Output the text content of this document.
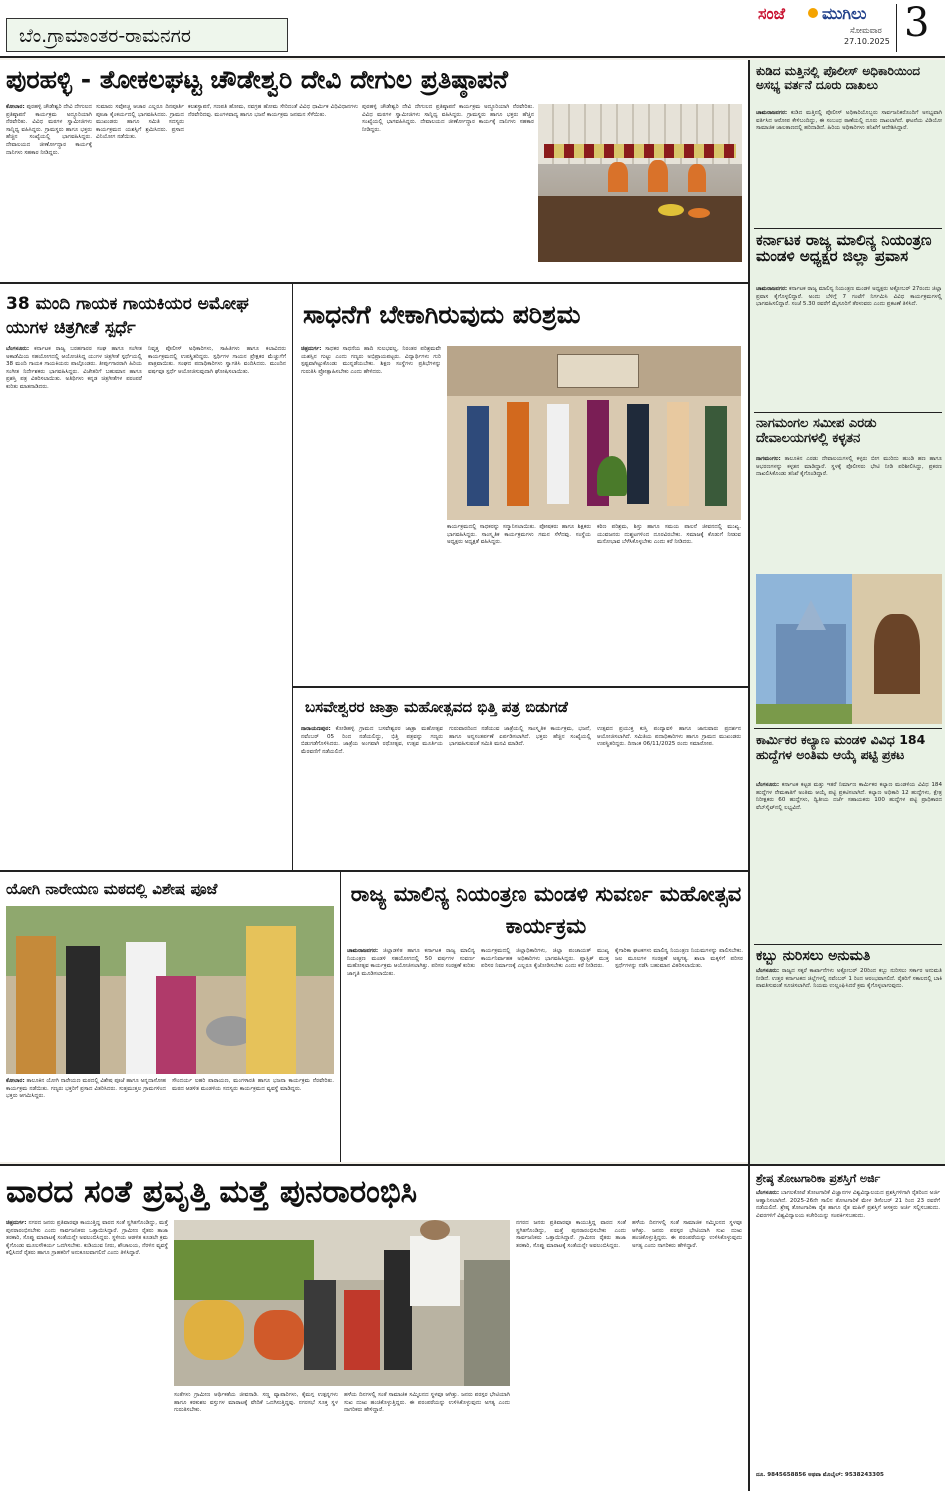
ಬೆಂ.ಗ್ರಾಮಾಂತರ-ರಾಮನಗರ
ಸಂಜೆ ಮುಗಿಲು
ಸೋಮವಾರ
27.10.2025 3
ಪುರಹಳ್ಳಿ - ತೋಕಲಘಟ್ಟ ಚೌಡೇಶ್ವರಿ ದೇವಿ ದೇಗುಲ ಪ್ರತಿಷ್ಠಾಪನೆ
ಕೋಲಾರ: ಪುರಹಳ್ಳಿ ಚೌಡೇಶ್ವರಿ ದೇವಿ ದೇಗುಲದ ಪ್ರತಿಷ್ಠಾಪನೆ ಕಾರ್ಯಕ್ರಮ ಅದ್ಧೂರಿಯಾಗಿ ನೆರವೇರಿತು. ವಿವಿಧ ಮಠಗಳ ಸ್ವಾಮೀಜಿಗಳು ಸಾನ್ನಿಧ್ಯ ವಹಿಸಿದ್ದರು. ಗ್ರಾಮಸ್ಥರು ಹಾಗೂ ಭಕ್ತರು ಹೆಚ್ಚಿನ ಸಂಖ್ಯೆಯಲ್ಲಿ ಭಾಗವಹಿಸಿದ್ದರು. ದೇವಾಲಯದ ಜೀರ್ಣೋದ್ಧಾರ ಕಾರ್ಯಕ್ಕೆ ದಾನಿಗಳು ಸಹಕಾರ ನೀಡಿದ್ದರು.
ಸುಮಾರು ಸವೋಚ್ಚ ಆಚಾರ ಎಲ್ಲರೂ ದಿನಪೂರ್ತಿ ಪೂಜಾ ಕೈಂಕರ್ಯದಲ್ಲಿ ಭಾಗವಹಿಸಿದರು. ಗ್ರಾಮದ ಮುಖಂಡರು ಹಾಗೂ ಸಮಿತಿ ಸದಸ್ಯರು ಕಾರ್ಯಕ್ರಮದ ಯಶಸ್ಸಿಗೆ ಶ್ರಮಿಸಿದರು. ಪ್ರಸಾದ ವಿನಿಯೋಗ ನಡೆಯಿತು.
ಕಲಶಸ್ಥಾಪನೆ, ಗಣಪತಿ ಹೋಮ, ನವಗ್ರಹ ಹೋಮ ಸೇರಿದಂತೆ ವಿವಿಧ ಧಾರ್ಮಿಕ ವಿಧಿವಿಧಾನಗಳು ನೆರವೇರಿದವು. ಮಂಗಳವಾದ್ಯ ಹಾಗೂ ಭಜನೆ ಕಾರ್ಯಕ್ರಮ ಜನಮನ ಸೆಳೆಯಿತು.
ಪುರಹಳ್ಳಿ ಚೌಡೇಶ್ವರಿ ದೇವಿ ದೇಗುಲದ ಪ್ರತಿಷ್ಠಾಪನೆ ಕಾರ್ಯಕ್ರಮ ಅದ್ಧೂರಿಯಾಗಿ ನೆರವೇರಿತು. ವಿವಿಧ ಮಠಗಳ ಸ್ವಾಮೀಜಿಗಳು ಸಾನ್ನಿಧ್ಯ ವಹಿಸಿದ್ದರು. ಗ್ರಾಮಸ್ಥರು ಹಾಗೂ ಭಕ್ತರು ಹೆಚ್ಚಿನ ಸಂಖ್ಯೆಯಲ್ಲಿ ಭಾಗವಹಿಸಿದ್ದರು. ದೇವಾಲಯದ ಜೀರ್ಣೋದ್ಧಾರ ಕಾರ್ಯಕ್ಕೆ ದಾನಿಗಳು ಸಹಕಾರ ನೀಡಿದ್ದರು.
ಕುಡಿದ ಮತ್ತಿನಲ್ಲಿ ಪೊಲೀಸ್ ಅಧಿಕಾರಿಯಿಂದ ಅಸಭ್ಯ ವರ್ತನೆ ದೂರು ದಾಖಲು
ಚಾಮರಾಜನಗರ: ಕುಡಿದ ಮತ್ತಿನಲ್ಲಿ ಪೊಲೀಸ್ ಅಧಿಕಾರಿಯೊಬ್ಬರು ಸಾರ್ವಜನಿಕರೊಂದಿಗೆ ಅಸಭ್ಯವಾಗಿ ವರ್ತಿಸಿದ ಆರೋಪ ಕೇಳಿಬಂದಿದ್ದು, ಈ ಸಂಬಂಧ ಠಾಣೆಯಲ್ಲಿ ದೂರು ದಾಖಲಾಗಿದೆ. ಘಟನೆಯ ವಿಡಿಯೋ ಸಾಮಾಜಿಕ ಜಾಲತಾಣದಲ್ಲಿ ಹರಿದಾಡಿದೆ. ಹಿರಿಯ ಅಧಿಕಾರಿಗಳು ತನಿಖೆಗೆ ಆದೇಶಿಸಿದ್ದಾರೆ.
ಕರ್ನಾಟಕ ರಾಜ್ಯ ಮಾಲಿನ್ಯ ನಿಯಂತ್ರಣ ಮಂಡಳಿ ಅಧ್ಯಕ್ಷರ ಜಿಲ್ಲಾ ಪ್ರವಾಸ
ಚಾಮರಾಜನಗರ: ಕರ್ನಾಟಕ ರಾಜ್ಯ ಮಾಲಿನ್ಯ ನಿಯಂತ್ರಣ ಮಂಡಳಿ ಅಧ್ಯಕ್ಷರು ಅಕ್ಟೋಬರ್ 27ರಂದು ಜಿಲ್ಲಾ ಪ್ರವಾಸ ಕೈಗೊಳ್ಳಲಿದ್ದಾರೆ. ಅಂದು ಬೆಳಿಗ್ಗೆ 7 ಗಂಟೆಗೆ ನಿರ್ಗಮಿಸಿ ವಿವಿಧ ಕಾರ್ಯಕ್ರಮಗಳಲ್ಲಿ ಭಾಗವಹಿಸಲಿದ್ದಾರೆ. ಸಂಜೆ 5.30 ರವರೆಗೆ ಮೈಸೂರಿಗೆ ತೆರಳುವರು ಎಂದು ಪ್ರಕಟಣೆ ತಿಳಿಸಿದೆ.
ನಾಗಮಂಗಲ ಸಮೀಪ ಎರಡು ದೇವಾಲಯಗಳಲ್ಲಿ ಕಳ್ಳತನ
ನಾಗಮಂಗಲ: ತಾಲೂಕಿನ ಎರಡು ದೇವಾಲಯಗಳಲ್ಲಿ ಕಳ್ಳರು ಬೀಗ ಮುರಿದು ಹುಂಡಿ ಹಣ ಹಾಗೂ ಆಭರಣಗಳನ್ನು ಕಳ್ಳತನ ಮಾಡಿದ್ದಾರೆ. ಸ್ಥಳಕ್ಕೆ ಪೊಲೀಸರು ಭೇಟಿ ನೀಡಿ ಪರಿಶೀಲಿಸಿದ್ದು, ಪ್ರಕರಣ ದಾಖಲಿಸಿಕೊಂಡು ತನಿಖೆ ಕೈಗೊಂಡಿದ್ದಾರೆ.
ಕಾರ್ಮಿಕರ ಕಲ್ಯಾಣ ಮಂಡಳಿ ವಿವಿಧ 184 ಹುದ್ದೆಗಳ ಅಂತಿಮ ಆಯ್ಕೆ ಪಟ್ಟಿ ಪ್ರಕಟ
ಬೆಂಗಳೂರು: ಕರ್ನಾಟಕ ಕಟ್ಟಡ ಮತ್ತು ಇತರೆ ನಿರ್ಮಾಣ ಕಾರ್ಮಿಕರ ಕಲ್ಯಾಣ ಮಂಡಳಿಯ ವಿವಿಧ 184 ಹುದ್ದೆಗಳ ನೇಮಕಾತಿಗೆ ಅಂತಿಮ ಆಯ್ಕೆ ಪಟ್ಟಿ ಪ್ರಕಟಿಸಲಾಗಿದೆ. ಕಲ್ಯಾಣ ಅಧಿಕಾರಿ 12 ಹುದ್ದೆಗಳು, ಕ್ಷೇತ್ರ ನಿರೀಕ್ಷಕರು 60 ಹುದ್ದೆಗಳು, ದ್ವಿತೀಯ ದರ್ಜೆ ಸಹಾಯಕರು 100 ಹುದ್ದೆಗಳ ಪಟ್ಟಿ ಪ್ರಾಧಿಕಾರದ ವೆಬ್‌ಸೈಟ್‌ನಲ್ಲಿ ಲಭ್ಯವಿದೆ.
ಕಬ್ಬು ನುರಿಸಲು ಅನುಮತಿ
ಬೆಂಗಳೂರು: ರಾಜ್ಯದ ಸಕ್ಕರೆ ಕಾರ್ಖಾನೆಗಳು ಅಕ್ಟೋಬರ್ 20ರಿಂದ ಕಬ್ಬು ನುರಿಸಲು ಸರ್ಕಾರ ಅನುಮತಿ ನೀಡಿದೆ. ಉತ್ತರ ಕರ್ನಾಟಕದ ಜಿಲ್ಲೆಗಳಲ್ಲಿ ನವೆಂಬರ್ 1 ರಿಂದ ಆರಂಭವಾಗಲಿದೆ. ರೈತರಿಗೆ ಸಕಾಲದಲ್ಲಿ ಬಾಕಿ ಪಾವತಿಸುವಂತೆ ಸೂಚಿಸಲಾಗಿದೆ. ನಿಯಮ ಉಲ್ಲಂಘಿಸಿದರೆ ಕ್ರಮ ಕೈಗೊಳ್ಳಲಾಗುವುದು.
38 ಮಂದಿ ಗಾಯಕ ಗಾಯಕಿಯರ ಅಮೋಘ ಯುಗಳ ಚಿತ್ರಗೀತೆ ಸ್ಪರ್ಧೆ
ಬೆಂಗಳೂರು: ಕರ್ನಾಟಕ ರಾಜ್ಯ ಬರಹಗಾರರ ಸಂಘ ಹಾಗೂ ಸಂಗೀತ ಅಕಾಡೆಮಿಯ ಸಹಯೋಗದಲ್ಲಿ ಆಯೋಜಿಸಿದ್ದ ಯುಗಳ ಚಿತ್ರಗೀತೆ ಸ್ಪರ್ಧೆಯಲ್ಲಿ 38 ಮಂದಿ ಗಾಯಕ ಗಾಯಕಿಯರು ಪಾಲ್ಗೊಂಡರು. ತೀರ್ಪುಗಾರರಾಗಿ ಹಿರಿಯ ಸಂಗೀತ ನಿರ್ದೇಶಕರು ಭಾಗವಹಿಸಿದ್ದರು. ವಿಜೇತರಿಗೆ ಬಹುಮಾನ ಹಾಗೂ ಪ್ರಶಸ್ತಿ ಪತ್ರ ವಿತರಿಸಲಾಯಿತು. ಅತಿಥಿಗಳು ಕನ್ನಡ ಚಿತ್ರಗೀತೆಗಳ ಪರಂಪರೆ ಕುರಿತು ಮಾತನಾಡಿದರು.
ನಿವೃತ್ತ ಪೊಲೀಸ್ ಅಧಿಕಾರಿಗಳು, ಸಾಹಿತಿಗಳು ಹಾಗೂ ಕಲಾವಿದರು ಕಾರ್ಯಕ್ರಮದಲ್ಲಿ ಉಪಸ್ಥಿತರಿದ್ದರು. ಸ್ಪರ್ಧಿಗಳ ಗಾಯನ ಪ್ರೇಕ್ಷಕರ ಮೆಚ್ಚುಗೆಗೆ ಪಾತ್ರವಾಯಿತು. ಸಂಘದ ಪದಾಧಿಕಾರಿಗಳು ಸ್ವಾಗತಿಸಿ ವಂದಿಸಿದರು. ಮುಂದಿನ ವರ್ಷವೂ ಸ್ಪರ್ಧೆ ಆಯೋಜಿಸುವುದಾಗಿ ಘೋಷಿಸಲಾಯಿತು.
ಸಾಧನೆಗೆ ಬೇಕಾಗಿರುವುದು ಪರಿಶ್ರಮ
ಚಿತ್ರದುರ್ಗ: ಸಾಧಕರ ಸಾಧನೆಯ ಹಾದಿ ಸುಲಭವಲ್ಲ, ನಿರಂತರ ಪರಿಶ್ರಮವೇ ಯಶಸ್ಸಿನ ಗುಟ್ಟು ಎಂದು ಗಣ್ಯರು ಅಭಿಪ್ರಾಯಪಟ್ಟರು. ವಿದ್ಯಾರ್ಥಿಗಳು ಗುರಿ ಸ್ಪಷ್ಟವಾಗಿಟ್ಟುಕೊಂಡು ಮುನ್ನಡೆಯಬೇಕು. ಶಿಕ್ಷಣ ಸಂಸ್ಥೆಗಳು ಪ್ರತಿಭೆಗಳನ್ನು ಗುರುತಿಸಿ ಪ್ರೋತ್ಸಾಹಿಸಬೇಕು ಎಂದು ಹೇಳಿದರು.
ಕಾರ್ಯಕ್ರಮದಲ್ಲಿ ಸಾಧಕರನ್ನು ಸನ್ಮಾನಿಸಲಾಯಿತು. ಪೋಷಕರು ಹಾಗೂ ಶಿಕ್ಷಕರು ಭಾಗವಹಿಸಿದ್ದರು. ಸಾಂಸ್ಕೃತಿಕ ಕಾರ್ಯಕ್ರಮಗಳು ಗಮನ ಸೆಳೆದವು. ಸಂಸ್ಥೆಯ ಅಧ್ಯಕ್ಷರು ಅಧ್ಯಕ್ಷತೆ ವಹಿಸಿದ್ದರು.
ಕಠಿಣ ಪರಿಶ್ರಮ, ಶಿಸ್ತು ಹಾಗೂ ಸಮಯ ಪಾಲನೆ ಜೀವನದಲ್ಲಿ ಮುಖ್ಯ. ಯುವಜನರು ದುಶ್ಚಟಗಳಿಂದ ದೂರವಿರಬೇಕು. ಸಮಾಜಕ್ಕೆ ಕೊಡುಗೆ ನೀಡುವ ಮನೋಭಾವ ಬೆಳೆಸಿಕೊಳ್ಳಬೇಕು ಎಂದು ಕರೆ ನೀಡಿದರು.
ಬಸವೇಶ್ವರರ ಜಾತ್ರಾ ಮಹೋತ್ಸವದ ಭಿತ್ತಿ ಪತ್ರ ಬಿಡುಗಡೆ
ನಾರಾಯಣಪುರ: ಕೋಡಿಹಳ್ಳಿ ಗ್ರಾಮದ ಬಸವೇಶ್ವರರ ಜಾತ್ರಾ ಮಹೋತ್ಸವ ನವೆಂಬರ್ 05 ರಿಂದ ನಡೆಯಲಿದ್ದು, ಭಿತ್ತಿ ಪತ್ರವನ್ನು ಗಣ್ಯರು ಬಿಡುಗಡೆಗೊಳಿಸಿದರು. ಜಾತ್ರೆಯ ಅಂಗವಾಗಿ ರಥೋತ್ಸವ, ಉತ್ಸವ ಮೂರ್ತಿಯ ಮೆರವಣಿಗೆ ನಡೆಯಲಿದೆ.
ಗುರುವಾರದಿಂದ ನಡೆಯುವ ಜಾತ್ರೆಯಲ್ಲಿ ಸಾಂಸ್ಕೃತಿಕ ಕಾರ್ಯಕ್ರಮ, ಭಜನೆ, ಹಾಗೂ ಅನ್ನಸಂತರ್ಪಣೆ ಏರ್ಪಡಿಸಲಾಗಿದೆ. ಭಕ್ತರು ಹೆಚ್ಚಿನ ಸಂಖ್ಯೆಯಲ್ಲಿ ಭಾಗವಹಿಸುವಂತೆ ಸಮಿತಿ ಮನವಿ ಮಾಡಿದೆ.
ಉತ್ಸವದ ಪ್ರಯುಕ್ತ ಕುಸ್ತಿ ಪಂದ್ಯಾವಳಿ ಹಾಗೂ ಜಾನುವಾರು ಪ್ರದರ್ಶನ ಆಯೋಜಿಸಲಾಗಿದೆ. ಸಮಿತಿಯ ಪದಾಧಿಕಾರಿಗಳು ಹಾಗೂ ಗ್ರಾಮದ ಮುಖಂಡರು ಉಪಸ್ಥಿತರಿದ್ದರು. ದಿನಾಂಕ 06/11/2025 ರಂದು ಸಮಾರೋಪ.
ಯೋಗಿ ನಾರೇಯಣ ಮಠದಲ್ಲಿ ವಿಶೇಷ ಪೂಜೆ
ಕೋಲಾರ: ತಾಲೂಕಿನ ಯೋಗಿ ನಾರೇಯಣ ಮಠದಲ್ಲಿ ವಿಶೇಷ ಪೂಜೆ ಹಾಗೂ ಅನ್ನದಾಸೋಹ ಕಾರ್ಯಕ್ರಮ ನಡೆಯಿತು. ಗಣ್ಯರು ಭಕ್ತರಿಗೆ ಪ್ರಸಾದ ವಿತರಿಸಿದರು. ಸುತ್ತಮುತ್ತಲ ಗ್ರಾಮಗಳಿಂದ ಭಕ್ತರು ಆಗಮಿಸಿದ್ದರು.
ಸೌಂದರ್ಯ ಲಹರಿ ಪಾರಾಯಣ, ಮಂಗಳಾರತಿ ಹಾಗೂ ಭಜನಾ ಕಾರ್ಯಕ್ರಮ ನೆರವೇರಿತು. ಮಠದ ಆಡಳಿತ ಮಂಡಳಿಯ ಸದಸ್ಯರು ಕಾರ್ಯಕ್ರಮದ ವ್ಯವಸ್ಥೆ ಮಾಡಿದ್ದರು.
ರಾಜ್ಯ ಮಾಲಿನ್ಯ ನಿಯಂತ್ರಣ ಮಂಡಳಿ ಸುವರ್ಣ ಮಹೋತ್ಸವ ಕಾರ್ಯಕ್ರಮ
ಚಾಮರಾಜನಗರ: ಜಿಲ್ಲಾಡಳಿತ ಹಾಗೂ ಕರ್ನಾಟಕ ರಾಜ್ಯ ಮಾಲಿನ್ಯ ನಿಯಂತ್ರಣ ಮಂಡಳಿ ಸಹಯೋಗದಲ್ಲಿ 50 ವರ್ಷಗಳ ಸುವರ್ಣ ಮಹೋತ್ಸವ ಕಾರ್ಯಕ್ರಮ ಆಯೋಜಿಸಲಾಗಿತ್ತು. ಪರಿಸರ ಸಂರಕ್ಷಣೆ ಕುರಿತು ಜಾಗೃತಿ ಮೂಡಿಸಲಾಯಿತು.
ಕಾರ್ಯಕ್ರಮದಲ್ಲಿ ಜಿಲ್ಲಾಧಿಕಾರಿಗಳು, ಜಿಲ್ಲಾ ಪಂಚಾಯತ್ ಮುಖ್ಯ ಕಾರ್ಯನಿರ್ವಾಹಕ ಅಧಿಕಾರಿಗಳು ಭಾಗವಹಿಸಿದ್ದರು. ಪ್ಲಾಸ್ಟಿಕ್ ಮುಕ್ತ ಪರಿಸರ ನಿರ್ಮಾಣಕ್ಕೆ ಎಲ್ಲರೂ ಕೈಜೋಡಿಸಬೇಕು ಎಂದು ಕರೆ ನೀಡಿದರು.
ಕೈಗಾರಿಕಾ ಘಟಕಗಳು ಮಾಲಿನ್ಯ ನಿಯಂತ್ರಣ ನಿಯಮಗಳನ್ನು ಪಾಲಿಸಬೇಕು. ಜಲ ಮೂಲಗಳ ಸಂರಕ್ಷಣೆ ಅತ್ಯಗತ್ಯ. ಶಾಲಾ ಮಕ್ಕಳಿಗೆ ಪರಿಸರ ಸ್ಪರ್ಧೆಗಳನ್ನು ನಡೆಸಿ ಬಹುಮಾನ ವಿತರಿಸಲಾಯಿತು.
ವಾರದ ಸಂತೆ ಪ್ರವೃತ್ತಿ ಮತ್ತೆ ಪುನರಾರಂಭಿಸಿ
ಚಿತ್ರದುರ್ಗ: ನಗರದ ಜನರು ಪ್ರತಿವಾರವೂ ಕಾಯುತ್ತಿದ್ದ ವಾರದ ಸಂತೆ ಸ್ಥಗಿತಗೊಂಡಿದ್ದು, ಮತ್ತೆ ಪುನರಾರಂಭಿಸಬೇಕು ಎಂದು ಸಾರ್ವಜನಿಕರು ಒತ್ತಾಯಿಸಿದ್ದಾರೆ. ಗ್ರಾಮೀಣ ರೈತರು ತಾಜಾ ತರಕಾರಿ, ಸೊಪ್ಪು ಮಾರಾಟಕ್ಕೆ ಸಂತೆಯನ್ನೇ ಅವಲಂಬಿಸಿದ್ದರು. ಸ್ಥಳೀಯ ಆಡಳಿತ ಕೂಡಲೇ ಕ್ರಮ ಕೈಗೊಂಡು ಮೂಲಸೌಕರ್ಯ ಒದಗಿಸಬೇಕು. ಕುಡಿಯುವ ನೀರು, ಶೌಚಾಲಯ, ನೆರಳಿನ ವ್ಯವಸ್ಥೆ ಕಲ್ಪಿಸಿದರೆ ರೈತರು ಹಾಗೂ ಗ್ರಾಹಕರಿಗೆ ಅನುಕೂಲವಾಗಲಿದೆ ಎಂದು ತಿಳಿಸಿದ್ದಾರೆ.
ಸಂತೆಗಳು ಗ್ರಾಮೀಣ ಆರ್ಥಿಕತೆಯ ಜೀವನಾಡಿ. ಸಣ್ಣ ವ್ಯಾಪಾರಿಗಳು, ಕೈಮಗ್ಗ ಉತ್ಪನ್ನಗಳು ಹಾಗೂ ಕರಕುಶಲ ವಸ್ತುಗಳ ಮಾರಾಟಕ್ಕೆ ವೇದಿಕೆ ಒದಗಿಸುತ್ತಿದ್ದವು. ನಗರಸಭೆ ಸೂಕ್ತ ಸ್ಥಳ ಗುರುತಿಸಬೇಕು.
ಹಳೆಯ ದಿನಗಳಲ್ಲಿ ಸಂತೆ ಸಾಮಾಜಿಕ ಸಮ್ಮಿಲನದ ಸ್ಥಳವೂ ಆಗಿತ್ತು. ಜನರು ಪರಸ್ಪರ ಭೇಟಿಯಾಗಿ ಸುಖ ದುಃಖ ಹಂಚಿಕೊಳ್ಳುತ್ತಿದ್ದರು. ಈ ಪರಂಪರೆಯನ್ನು ಉಳಿಸಿಕೊಳ್ಳುವುದು ಅಗತ್ಯ ಎಂದು ನಾಗರಿಕರು ಹೇಳಿದ್ದಾರೆ.
ನಗರದ ಜನರು ಪ್ರತಿವಾರವೂ ಕಾಯುತ್ತಿದ್ದ ವಾರದ ಸಂತೆ ಸ್ಥಗಿತಗೊಂಡಿದ್ದು, ಮತ್ತೆ ಪುನರಾರಂಭಿಸಬೇಕು ಎಂದು ಸಾರ್ವಜನಿಕರು ಒತ್ತಾಯಿಸಿದ್ದಾರೆ. ಗ್ರಾಮೀಣ ರೈತರು ತಾಜಾ ತರಕಾರಿ, ಸೊಪ್ಪು ಮಾರಾಟಕ್ಕೆ ಸಂತೆಯನ್ನೇ ಅವಲಂಬಿಸಿದ್ದರು.
ಹಳೆಯ ದಿನಗಳಲ್ಲಿ ಸಂತೆ ಸಾಮಾಜಿಕ ಸಮ್ಮಿಲನದ ಸ್ಥಳವೂ ಆಗಿತ್ತು. ಜನರು ಪರಸ್ಪರ ಭೇಟಿಯಾಗಿ ಸುಖ ದುಃಖ ಹಂಚಿಕೊಳ್ಳುತ್ತಿದ್ದರು. ಈ ಪರಂಪರೆಯನ್ನು ಉಳಿಸಿಕೊಳ್ಳುವುದು ಅಗತ್ಯ ಎಂದು ನಾಗರಿಕರು ಹೇಳಿದ್ದಾರೆ.
ಶ್ರೇಷ್ಠ ತೋಟಗಾರಿಕಾ ಪ್ರಶಸ್ತಿಗೆ ಅರ್ಜಿ
ಬೆಂಗಳೂರು: ಬಾಗಲಕೋಟೆ ತೋಟಗಾರಿಕೆ ವಿಜ್ಞಾನಗಳ ವಿಶ್ವವಿದ್ಯಾಲಯದ ಪ್ರಶಸ್ತಿಗಳಿಗಾಗಿ ರೈತರಿಂದ ಅರ್ಜಿ ಆಹ್ವಾನಿಸಲಾಗಿದೆ. 2025-26ನೇ ಸಾಲಿನ ತೋಟಗಾರಿಕೆ ಮೇಳ ಡಿಸೆಂಬರ್ 21 ರಿಂದ 23 ರವರೆಗೆ ನಡೆಯಲಿದೆ. ಶ್ರೇಷ್ಠ ತೋಟಗಾರಿಕಾ ರೈತ ಹಾಗೂ ರೈತ ಮಹಿಳೆ ಪ್ರಶಸ್ತಿಗೆ ಆಸಕ್ತರು ಅರ್ಜಿ ಸಲ್ಲಿಸಬಹುದು. ವಿವರಗಳಿಗೆ ವಿಶ್ವವಿದ್ಯಾಲಯ ಕಚೇರಿಯನ್ನು ಸಂಪರ್ಕಿಸಬಹುದು.
ದೂ. 9845658856 ಅಥವಾ ಮೊಬೈಲ್: 9538243305
